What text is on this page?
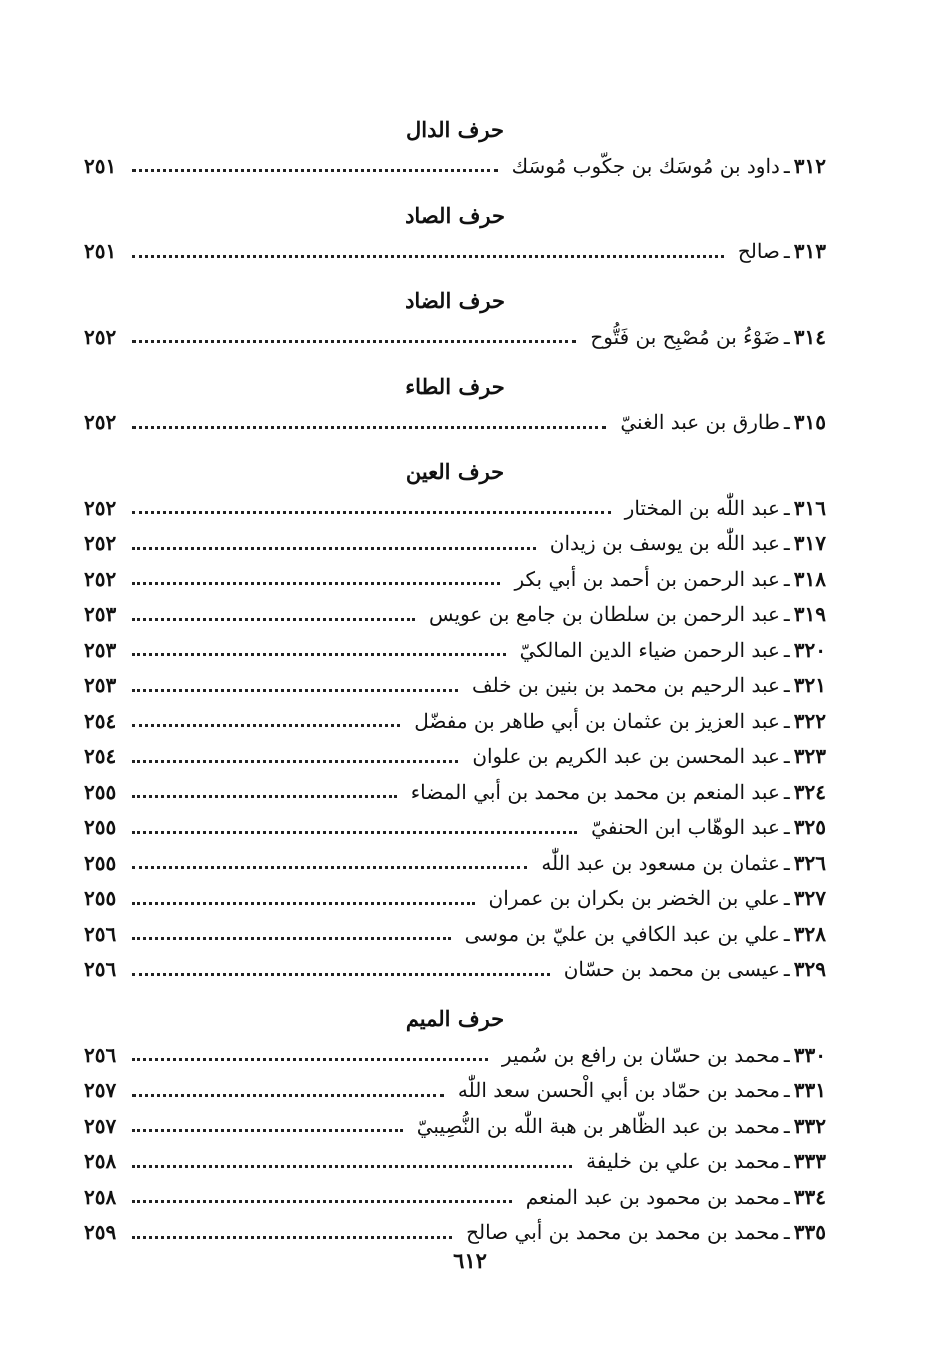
حرف الدال
٣١٢
ـ
داود بن مُوسَك بن جكّوب مُوسَك
٢٥١
حرف الصاد
٣١٣
ـ
صالح
٢٥١
حرف الضاد
٣١٤
ـ
ضَوْءُ بن مُصْبِح بن فَتُّوح
٢٥٢
حرف الطاء
٣١٥
ـ
طارق بن عبد الغنيّ
٢٥٢
حرف العين
٣١٦
ـ
عبد اللّٰه بن المختار
٢٥٢
٣١٧
ـ
عبد اللّٰه بن يوسف بن زيدان
٢٥٢
٣١٨
ـ
عبد الرحمن بن أحمد بن أبي بكر
٢٥٢
٣١٩
ـ
عبد الرحمن بن سلطان بن جامع بن عويس
٢٥٣
٣٢٠
ـ
عبد الرحمن ضياء الدين المالكيّ
٢٥٣
٣٢١
ـ
عبد الرحيم بن محمد بن بنين بن خلف
٢٥٣
٣٢٢
ـ
عبد العزيز بن عثمان بن أبي طاهر بن مفضّل
٢٥٤
٣٢٣
ـ
عبد المحسن بن عبد الكريم بن علوان
٢٥٤
٣٢٤
ـ
عبد المنعم بن محمد بن محمد بن أبي المضاء
٢٥٥
٣٢٥
ـ
عبد الوهّاب ابن الحنفيّ
٢٥٥
٣٢٦
ـ
عثمان بن مسعود بن عبد اللّٰه
٢٥٥
٣٢٧
ـ
علي بن الخضر بن بكران بن عمران
٢٥٥
٣٢٨
ـ
علي بن عبد الكافي بن عليّ بن موسى
٢٥٦
٣٢٩
ـ
عيسى بن محمد بن حسّان
٢٥٦
حرف الميم
٣٣٠
ـ
محمد بن حسّان بن رافع بن سُمير
٢٥٦
٣٣١
ـ
محمد بن حمّاد بن أبي الْحسن سعد اللّٰه
٢٥٧
٣٣٢
ـ
محمد بن عبد الظّاهر بن هبة اللّٰه بن النُّصِيبيّ
٢٥٧
٣٣٣
ـ
محمد بن علي بن خليفة
٢٥٨
٣٣٤
ـ
محمد بن محمود بن عبد المنعم
٢٥٨
٣٣٥
ـ
محمد بن محمد بن محمد بن أبي صالح
٢٥٩
٦١٢
